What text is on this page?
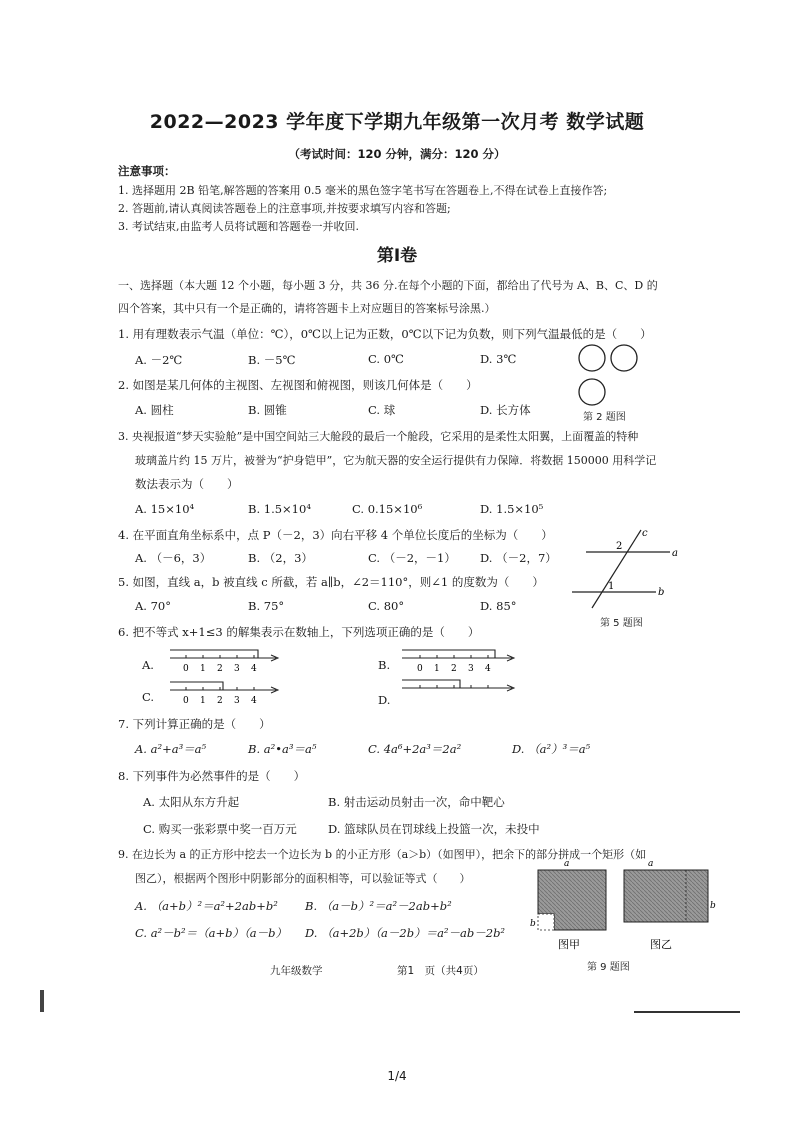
2022—2023 学年度下学期九年级第一次月考 数学试题
（考试时间：120 分钟，满分：120 分）
注意事项：
1. 选择题用 2B 铅笔,解答题的答案用 0.5 毫米的黑色签字笔书写在答题卷上,不得在试卷上直接作答;
2. 答题前,请认真阅读答题卷上的注意事项,并按要求填写内容和答题;
3. 考试结束,由监考人员将试题和答题卷一并收回.
第Ⅰ卷
一、选择题（本大题 12 个小题，每小题 3 分，共 36 分.在每个小题的下面，都给出了代号为 A、B、C、D 的
四个答案，其中只有一个是正确的，请将答题卡上对应题目的答案标号涂黑.）
1. 用有理数表示气温（单位：℃），0℃以上记为正数，0℃以下记为负数，则下列气温最低的是（　　）
A. －2℃	B. －5℃	C. 0℃	D. 3℃
第 2 题图
2. 如图是某几何体的主视图、左视图和俯视图，则该几何体是（　　）
A. 圆柱	B. 圆锥	C. 球	D. 长方体
3. 央视报道“梦天实验舱”是中国空间站三大舱段的最后一个舱段，它采用的是柔性太阳翼，上面覆盖的特种
玻璃盖片约 15 万片，被誉为“护身铠甲”，它为航天器的安全运行提供有力保障．将数据 150000 用科学记
数法表示为（　　）
A. 15×10⁴	B. 1.5×10⁴	C. 0.15×10⁶	D. 1.5×10⁵
4. 在平面直角坐标系中，点 P（－2，3）向右平移 4 个单位长度后的坐标为（　　）
A. （－6，3）	B. （2，3）	C. （－2，－1） D. （－2，7）	a
b
c
2
1
第 5 题图
5. 如图，直线 a，b 被直线 c 所截，若 a∥b，∠2＝110°，则∠1 的度数为（　　）
A. 70°	B. 75°	C. 80°	D. 85°
6. 把不等式 x+1≤3 的解集表示在数轴上，下列选项正确的是（　　）
A.	0 1 2 3 4	B.	0 1 2 3 4
C.	0 1 2 3 4	D.
7. 下列计算正确的是（　　）
A. a²+a³＝a⁵	B. a²•a³＝a⁵	C. 4a⁶+2a³＝2a²	D. （a²）³＝a⁵
8. 下列事件为必然事件的是（　　）
A. 太阳从东方升起	B. 射击运动员射击一次，命中靶心
C. 购买一张彩票中奖一百万元	D. 篮球队员在罚球线上投篮一次，未投中
9. 在边长为 a 的正方形中挖去一个边长为 b 的小正方形（a＞b）（如图甲），把余下的部分拼成一个矩形（如
图乙），根据两个图形中阴影部分的面积相等，可以验证等式（　　）
A. （a+b）²＝a²+2ab+b² B. （a－b）²＝a²－2ab+b²
C. a²－b²＝（a+b）（a－b） D. （a+2b）（a－2b）＝a²－ab－2b²
a
b
图甲
a
b
图乙
第 9 题图
九年级数学	第1　页（共4页）
1/4
